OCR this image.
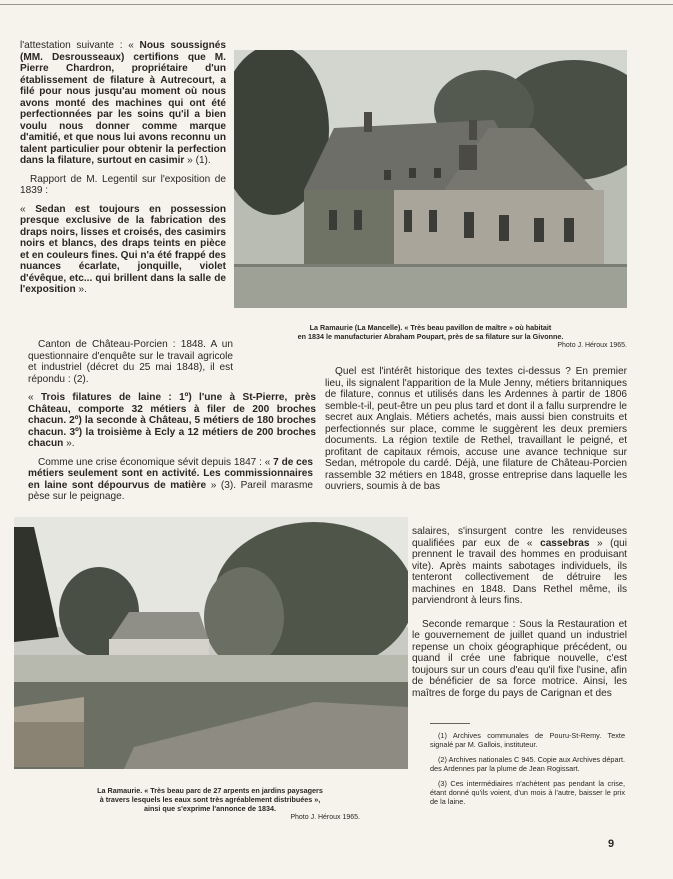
l'attestation suivante : « Nous soussignés (MM. Desrousseaux) certifions que M. Pierre Chardron, propriétaire d'un établissement de filature à Autrecourt, a filé pour nous jusqu'au moment où nous avons monté des machines qui ont été perfectionnées par les soins qu'il a bien voulu nous donner comme marque d'amitié, et que nous lui avons reconnu un talent particulier pour obtenir la perfection dans la filature, surtout en casimir » (1).

Rapport de M. Legentil sur l'exposition de 1839 :

« Sedan est toujours en possession presque exclusive de la fabrication des draps noirs, lisses et croisés, des casimirs noirs et blancs, des draps teints en pièce et en couleurs fines. Qui n'a été frappé des nuances écarlate, jonquille, violet d'évêque, etc... qui brillent dans la salle de l'exposition ».

La Ramaurie (La Mancelle). « Très beau pavillon de maître » où habitait
en 1834 le manufacturier Abraham Poupart, près de sa filature sur la Givonne.
Photo J. Héroux 1965.

Canton de Château-Porcien : 1848. A un questionnaire d'enquête sur le travail agricole et industriel (décret du 25 mai 1848), il est répondu : (2).

« Trois filatures de laine : 1º) l'une à St-Pierre, près Château, comporte 32 métiers à filer de 200 broches chacun. 2º) la seconde à Château, 5 métiers de 180 broches chacun. 3º) la troisième à Ecly a 12 métiers de 200 broches chacun ».

Comme une crise économique sévit depuis 1847 : « 7 de ces métiers seulement sont en activité. Les commissionnaires en laine sont dépourvus de matière » (3). Pareil marasme pèse sur le peignage.

Quel est l'intérêt historique des textes ci-dessus ? En premier lieu, ils signalent l'apparition de la Mule Jenny, métiers britanniques de filature, connus et utilisés dans les Ardennes à partir de 1806 semble-t-il, peut-être un peu plus tard et dont il a fallu surprendre le secret aux Anglais. Métiers achetés, mais aussi bien construits et perfectionnés sur place, comme le suggèrent les deux premiers documents. La région textile de Rethel, travaillant le peigné, et profitant de capitaux rémois, accuse une avance technique sur Sedan, métropole du cardé. Déjà, une filature de Château-Porcien rassemble 32 métiers en 1848, grosse entreprise dans laquelle les ouvriers, soumis à de bas

salaires, s'insurgent contre les renvideuses qualifiées par eux de « cassebras » (qui prennent le travail des hommes en produisant vite). Après maints sabotages individuels, ils tenteront collectivement de détruire les machines en 1848. Dans Rethel même, ils parviendront à leurs fins.

Seconde remarque : Sous la Restauration et le gouvernement de juillet quand un industriel repense un choix géographique précédent, ou quand il crée une fabrique nouvelle, c'est toujours sur un cours d'eau qu'il fixe l'usine, afin de bénéficier de sa force motrice. Ainsi, les maîtres de forge du pays de Carignan et des

La Ramaurie. « Très beau parc de 27 arpents en jardins paysagers
à travers lesquels les eaux sont très agréablement distribuées »,
ainsi que s'exprime l'annonce de 1834.
Photo J. Héroux 1965.

(1) Archives communales de Pouru-St-Remy. Texte signalé par M. Gallois, instituteur.

(2) Archives nationales C 945. Copie aux Archives départ. des Ardennes par la plume de Jean Rogissart.

(3) Ces intermédiaires n'achètent pas pendant la crise, étant donné qu'ils voient, d'un mois à l'autre, baisser le prix de la laine.

9
